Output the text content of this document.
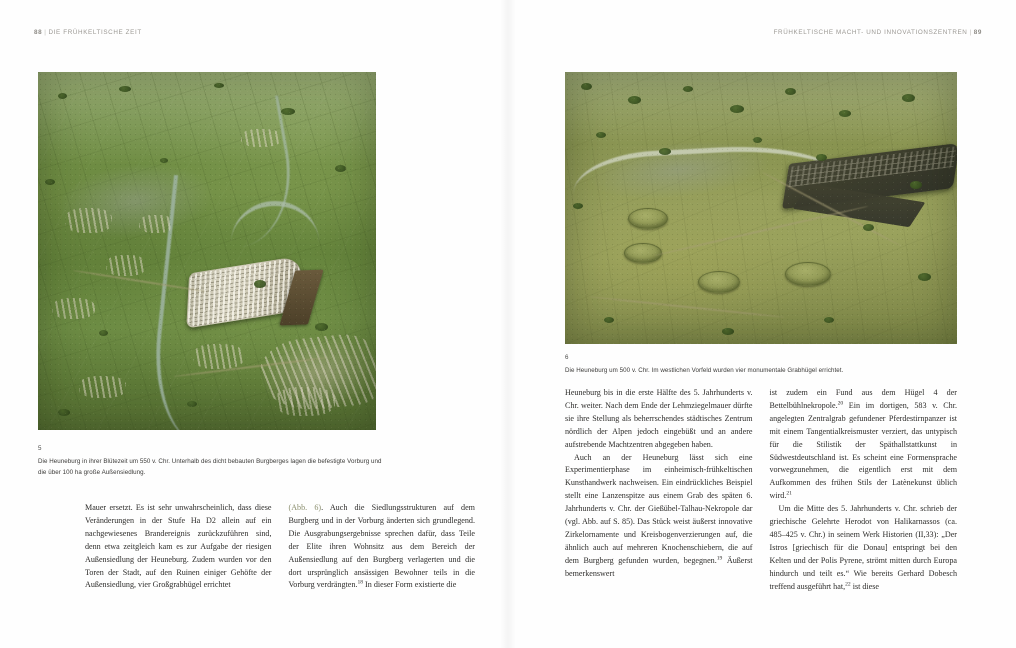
88 | DIE FRÜHKELTISCHE ZEIT
5
Die Heuneburg in ihrer Blütezeit um 550 v. Chr. Unterhalb des dicht bebauten Burgberges lagen die befestigte Vorburg und die über 100 ha große Außensiedlung.

Mauer ersetzt. Es ist sehr unwahrscheinlich, dass diese Veränderungen in der Stufe Ha D2 allein auf ein nachgewiesenes Brandereignis zurückzuführen sind, denn etwa zeitgleich kam es zur Aufgabe der riesigen Außensiedlung der Heuneburg. Zudem wurden vor den Toren der Stadt, auf den Ruinen einiger Gehöfte der Außensiedlung, vier Großgrabhügel errichtet

(Abb. 6). Auch die Siedlungsstrukturen auf dem Burgberg und in der Vorburg änderten sich grundlegend. Die Ausgrabungsergebnisse sprechen dafür, dass Teile der Elite ihren Wohnsitz aus dem Bereich der Außensiedlung auf den Burgberg verlagerten und die dort ursprünglich ansässigen Bewohner teils in die Vorburg verdrängten.$^{18}$ In dieser Form existierte die

FRÜHKELTISCHE MACHT- UND INNOVATIONSZENTREN | 89
6
Die Heuneburg um 500 v. Chr. Im westlichen Vorfeld wurden vier monumentale Grabhügel errichtet.

Heuneburg bis in die erste Hälfte des 5. Jahrhunderts v. Chr. weiter. Nach dem Ende der Lehmziegelmauer dürfte sie ihre Stellung als beherrschendes städtisches Zentrum nördlich der Alpen jedoch eingebüßt und an andere aufstrebende Machtzentren abgegeben haben.

Auch an der Heuneburg lässt sich eine Experimentierphase im einheimisch-frühkeltischen Kunsthandwerk nachweisen. Ein eindrückliches Beispiel stellt eine Lanzenspitze aus einem Grab des späten 6. Jahrhunderts v. Chr. der Gießübel-Talhau-Nekropole dar (vgl. Abb. auf S. 85). Das Stück weist äußerst innovative Zirkelornamente und Kreisbogenverzierungen auf, die ähnlich auch auf mehreren Knochenschiebern, die auf dem Burgberg gefunden wurden, begegnen.$^{19}$ Äußerst bemerkenswert

ist zudem ein Fund aus dem Hügel 4 der Bettelbühlnekropole.$^{20}$ Ein im dortigen, 583 v. Chr. angelegten Zentralgrab gefundener Pferdestirnpanzer ist mit einem Tangentialkreismuster verziert, das untypisch für die Stilistik der Späthallstattkunst in Südwestdeutschland ist. Es scheint eine Formensprache vorwegzunehmen, die eigentlich erst mit dem Aufkommen des frühen Stils der Latènekunst üblich wird.$^{21}$

Um die Mitte des 5. Jahrhunderts v. Chr. schrieb der griechische Gelehrte Herodot von Halikarnassos (ca. 485–425 v. Chr.) in seinem Werk Historien (II,33): „Der Istros [griechisch für die Donau] entspringt bei den Kelten und der Polis Pyrene, strömt mitten durch Europa hindurch und teilt es.“ Wie bereits Gerhard Dobesch treffend ausgeführt hat,$^{22}$ ist diese
